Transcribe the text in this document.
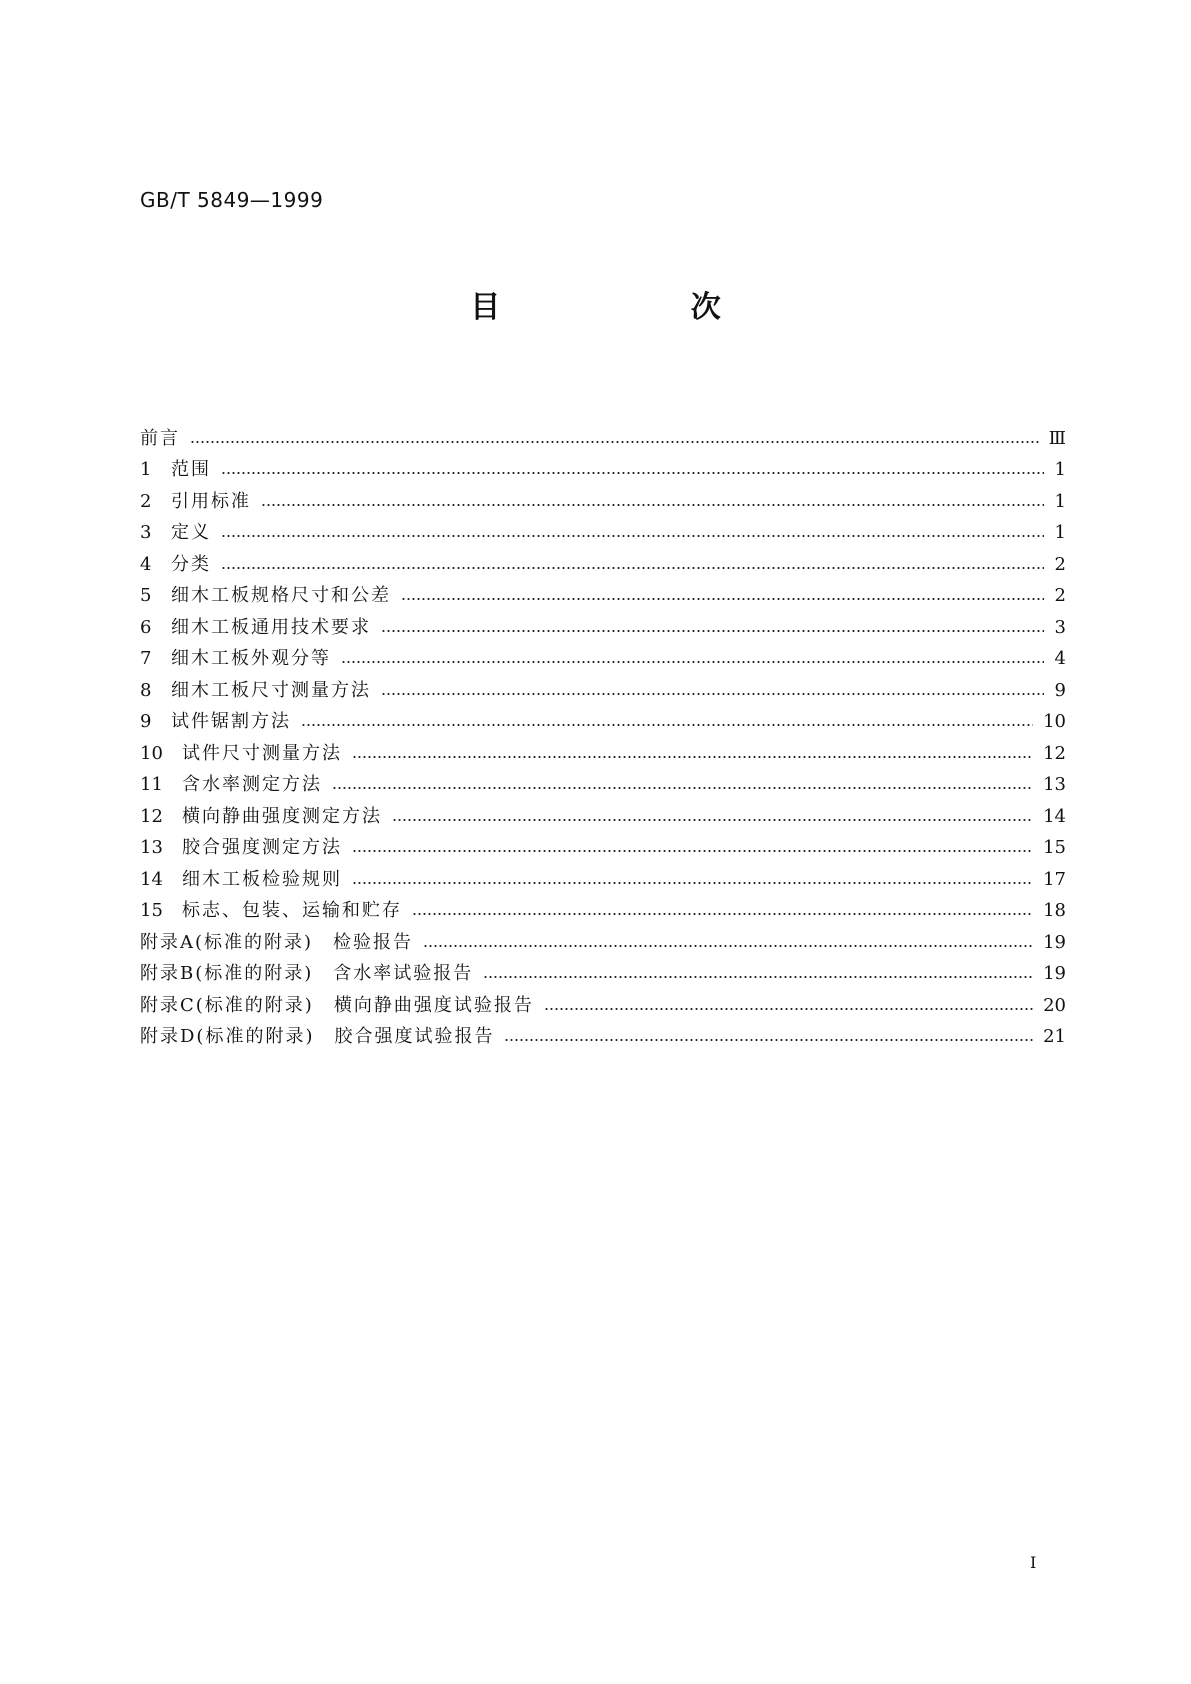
GB/T 5849—1999
目 次
前言	Ⅲ
1	范围	1
2	引用标准	1
3	定义	1
4	分类	2
5	细木工板规格尺寸和公差	2
6	细木工板通用技术要求	3
7	细木工板外观分等	4
8	细木工板尺寸测量方法	9
9	试件锯割方法	10
10	试件尺寸测量方法	12
11	含水率测定方法	13
12	横向静曲强度测定方法	14
13	胶合强度测定方法	15
14	细木工板检验规则	17
15	标志、包装、运输和贮存	18
附录A(标准的附录)　检验报告	19
附录B(标准的附录)　含水率试验报告	19
附录C(标准的附录)　横向静曲强度试验报告	20
附录D(标准的附录)　胶合强度试验报告	21
I
